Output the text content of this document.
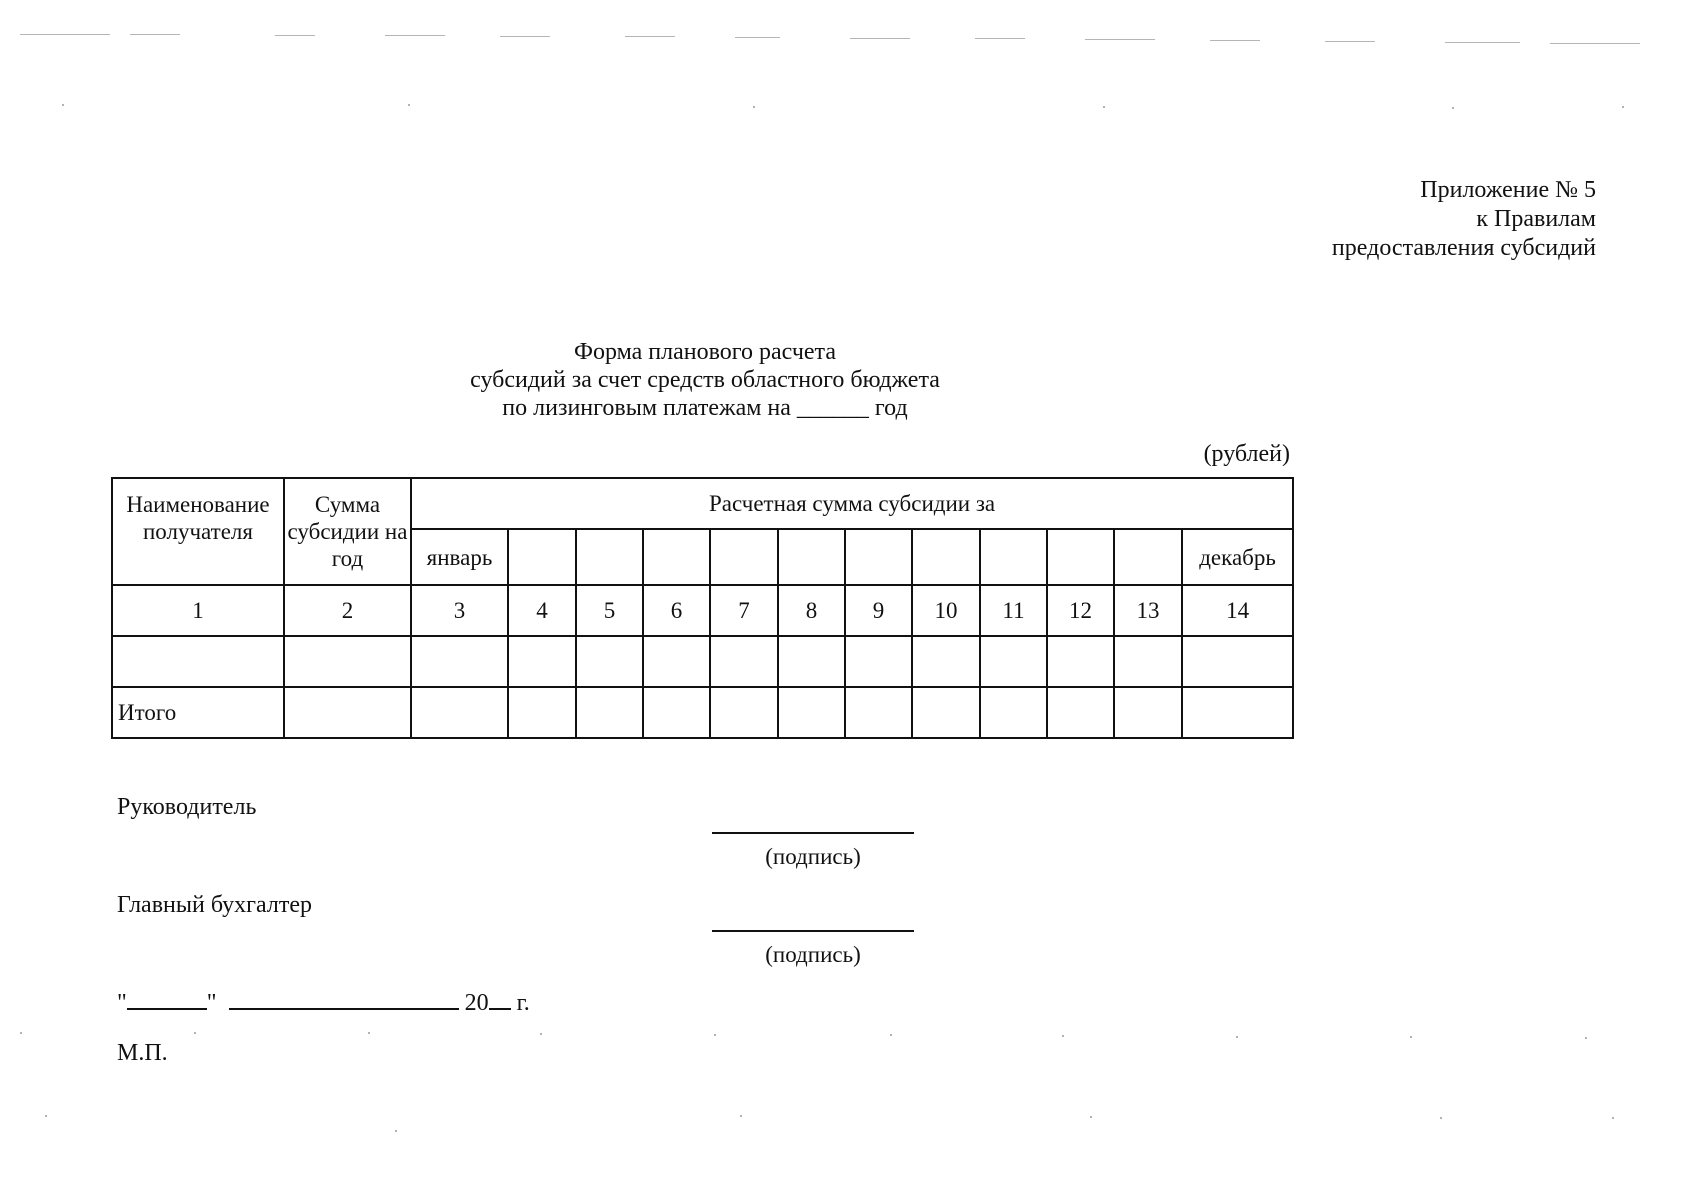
Приложение № 5
к Правилам
предоставления субсидий
Форма планового расчета
субсидий за счет средств областного бюджета
по лизинговым платежам на ______ год
(рублей)
Наименование получателя	Сумма субсидии на год	Расчетная сумма субсидии за											
		январь											декабрь
1	2	3	4	5	6	7	8	9	10	11	12	13	14

Итого													
Руководитель
(подпись)
Главный бухгалтер
(подпись)
"	"	20 г.
М.П.
